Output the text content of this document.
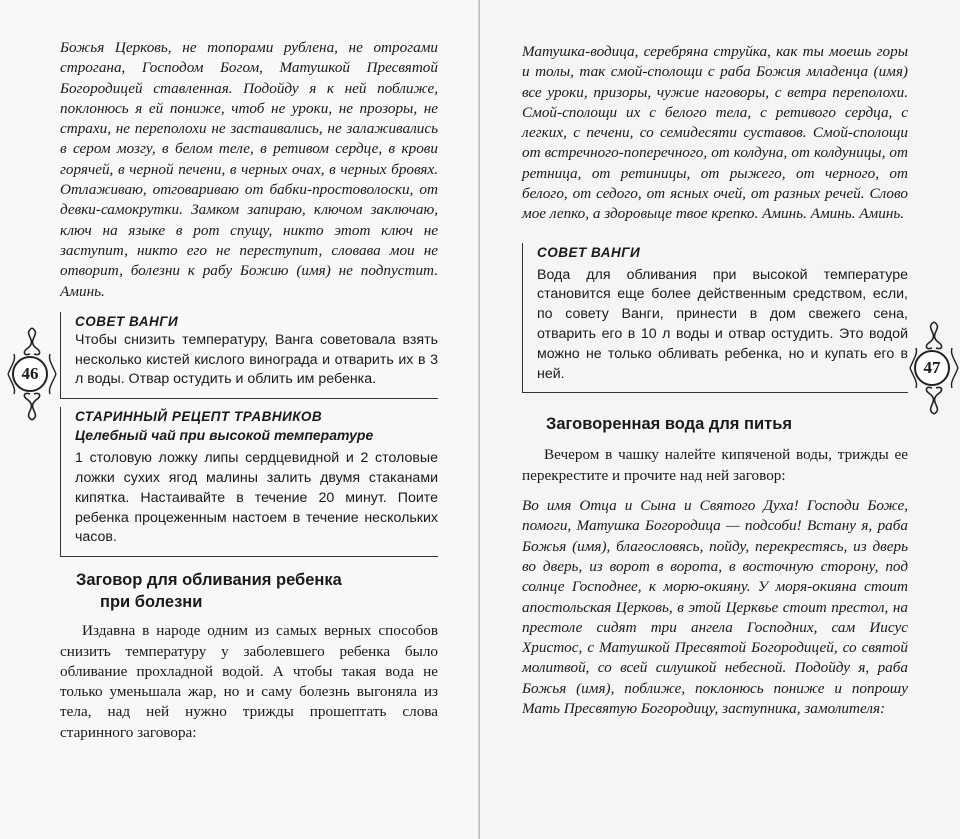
46

Божья Церковь, не топорами рублена, не отрогами строгана, Господом Богом, Матушкой Пресвятой Богородицей ставленная. Подойду я к ней поближе, поклонюсь я ей пониже, чтоб не уроки, не прозоры, не страхи, не переполохи не застаивались, не залаживались в сером мозгу, в белом теле, в ретивом сердце, в крови горячей, в черной печени, в черных очах, в черных бровях. Отлаживаю, отговариваю от бабки-простоволоски, от девки-самокрутки. Замком запираю, ключом заключаю, ключ на языке в рот спущу, никто этот ключ не заступит, никто его не переступит, словава мои не отворит, болезни к рабу Божию (имя) не подпустит. Аминь.

СОВЕТ ВАНГИ

Чтобы снизить температуру, Ванга советовала взять несколько кистей кислого винограда и отварить их в 3 л воды. Отвар остудить и облить им ребенка.

СТАРИННЫЙ РЕЦЕПТ ТРАВНИКОВ
Целебный чай при высокой температуре

1 столовую ложку липы сердцевидной и 2 столовые ложки сухих ягод малины залить двумя стаканами кипятка. Настаивайте в течение 20 минут. Поите ребенка процеженным настоем в течение нескольких часов.

Заговор для обливания ребенка
при болезни

Издавна в народе одним из самых верных способов снизить температуру у заболевшего ребенка было обливание прохладной водой. А чтобы такая вода не только уменьшала жар, но и саму болезнь выгоняла из тела, над ней нужно трижды прошептать слова старинного заговора:

47

Матушка-водица, серебряна струйка, как ты моешь горы и толы, так смой-сполощи с раба Божия младенца (имя) все уроки, призоры, чужие наговоры, с ветра переполохи. Смой-сполощи их с белого тела, с ретивого сердца, с легких, с печени, со семидесяти суставов. Смой-сполощи от встречного-поперечного, от колдуна, от колдуницы, от ретница, от ретиницы, от рыжего, от черного, от белого, от седого, от ясных очей, от разных речей. Слово мое лепко, а здоровыце твое крепко. Аминь. Аминь. Аминь.

СОВЕТ ВАНГИ

Вода для обливания при высокой температуре становится еще более действенным средством, если, по совету Ванги, принести в дом свежего сена, отварить его в 10 л воды и отвар остудить. Это водой можно не только обливать ребенка, но и купать его в ней.

Заговоренная вода для питья

Вечером в чашку налейте кипяченой воды, трижды ее перекрестите и прочите над ней заговор:

Во имя Отца и Сына и Святого Духа! Господи Боже, помоги, Матушка Богородица — подсоби! Встану я, раба Божья (имя), благословясь, пойду, перекрестясь, из дверь во дверь, из ворот в ворота, в восточную сторону, под солнце Господнее, к морю-окияну. У моря-окияна стоит апостольская Церковь, в этой Церквье стоит престол, на престоле сидят три ангела Господних, сам Иисус Христос, с Матушкой Пресвятой Богородицей, со святой молитвой, со всей силушкой небесной. Подойду я, раба Божья (имя), поближе, поклонюсь пониже и попрошу Мать Пресвятую Богородицу, заступника, замолителя:
